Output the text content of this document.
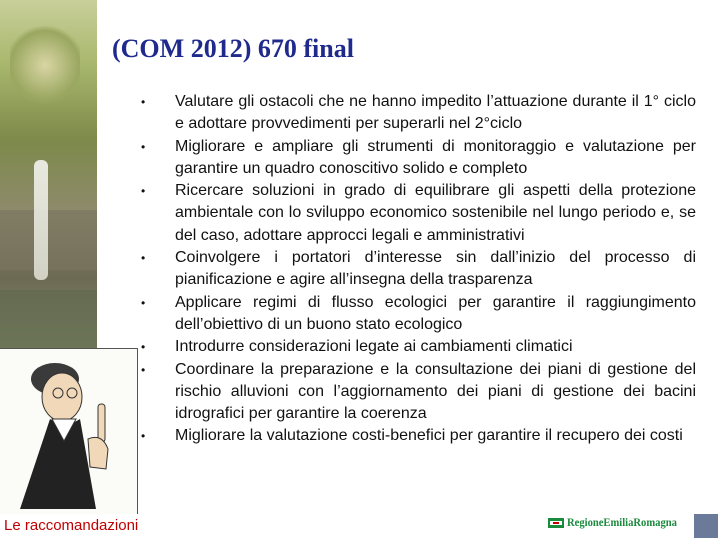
(COM 2012) 670 final
• Valutare gli ostacoli che ne hanno impedito l’attuazione durante il 1° ciclo e adottare provvedimenti per superarli nel 2°ciclo
• Migliorare e ampliare gli strumenti di monitoraggio e valutazione per garantire un quadro conoscitivo solido e completo
• Ricercare soluzioni in grado di equilibrare gli aspetti della protezione ambientale con lo sviluppo economico sostenibile nel lungo periodo e, se del caso, adottare approcci legali e amministrativi
• Coinvolgere i portatori d’interesse sin dall’inizio del processo di pianificazione e agire all’insegna della trasparenza
• Applicare regimi di flusso ecologici per garantire il raggiungimento dell’obiettivo di un buono stato ecologico
• Introdurre considerazioni legate ai cambiamenti climatici
• Coordinare la preparazione e la consultazione dei piani di gestione del rischio alluvioni con l’aggiornamento dei piani di gestione dei bacini idrografici per garantire la coerenza
• Migliorare la valutazione costi-benefici per garantire il recupero dei costi
Le raccomandazioni	RegioneEmiliaRomagna
